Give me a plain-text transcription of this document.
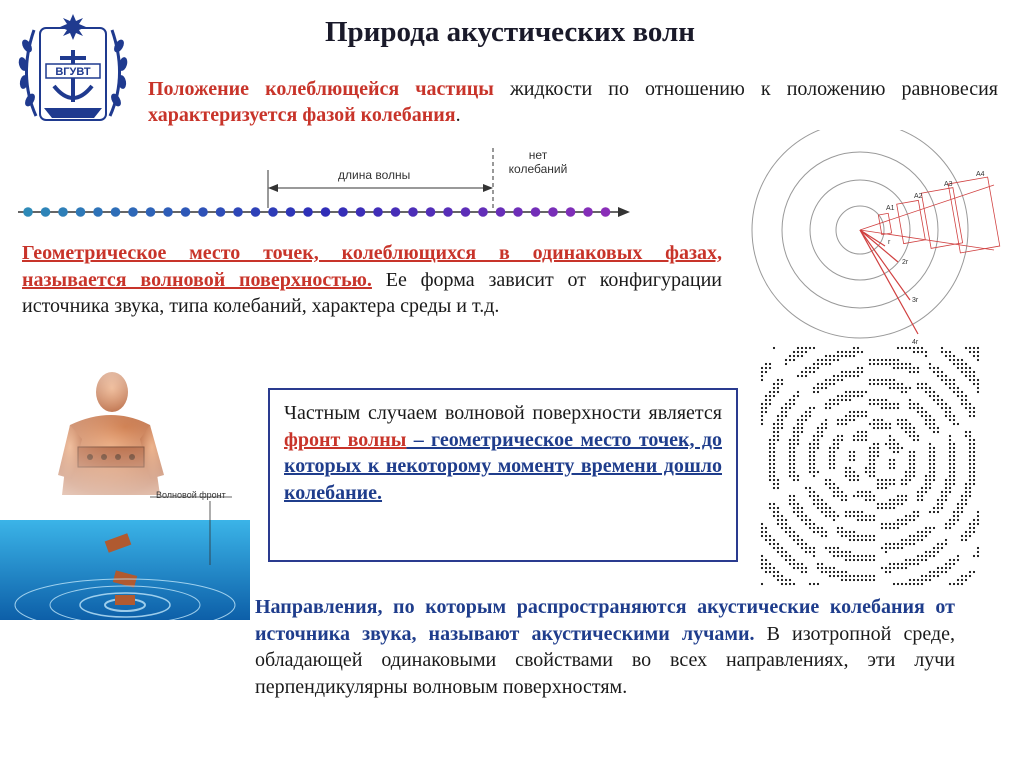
ВГУВТ
Природа акустических волн
Положение колеблющейся частицы жидкости по отношению к положению равновесия характеризуется фазой колебания.
длина волны
нет
колебаний
Геометрическое место точек, колеблющихся в одинаковых фазах, называется волновой поверхностью. Ее форма зависит от конфигурации источника звука, типа колебаний, характера среды и т.д.
Волновой фронт
Частным случаем волновой поверхности является фронт волны – геометрическое место точек, до которых к некоторому моменту времени дошло колебание.
Направления, по которым распространяются акустические колебания от источника звука, называют акустическими лучами. В изотропной среде, обладающей одинаковыми свойствами во всех направлениях, эти лучи перпендикулярны волновым поверхностям.
A1
A2
A3
A4
r
2r
3r
4r
